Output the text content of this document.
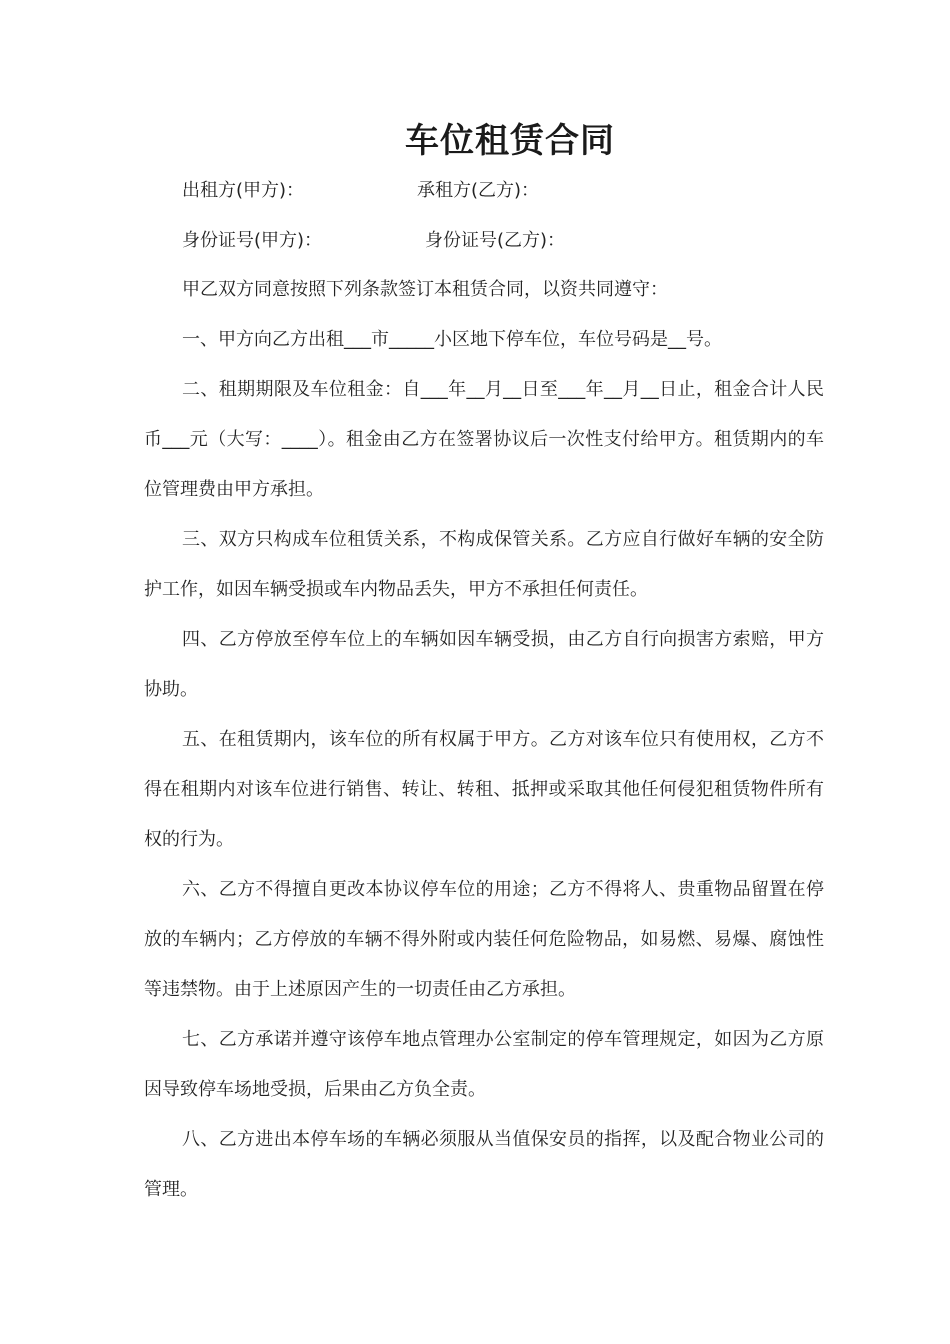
车位租赁合同
出租方(甲方)：	承租方(乙方)：
身份证号(甲方)：	身份证号(乙方)：

甲乙双方同意按照下列条款签订本租赁合同，以资共同遵守：

一、甲方向乙方出租___市_____小区地下停车位，车位号码是__号。

二、租期期限及车位租金：自___年__月__日至___年__月__日止，租金合计人民币___元（大写：____）。租金由乙方在签署协议后一次性支付给甲方。租赁期内的车位管理费由甲方承担。

三、双方只构成车位租赁关系，不构成保管关系。乙方应自行做好车辆的安全防护工作，如因车辆受损或车内物品丢失，甲方不承担任何责任。

四、乙方停放至停车位上的车辆如因车辆受损，由乙方自行向损害方索赔，甲方协助。

五、在租赁期内，该车位的所有权属于甲方。乙方对该车位只有使用权，乙方不得在租期内对该车位进行销售、转让、转租、抵押或采取其他任何侵犯租赁物件所有权的行为。

六、乙方不得擅自更改本协议停车位的用途；乙方不得将人、贵重物品留置在停放的车辆内；乙方停放的车辆不得外附或内装任何危险物品，如易燃、易爆、腐蚀性等违禁物。由于上述原因产生的一切责任由乙方承担。

七、乙方承诺并遵守该停车地点管理办公室制定的停车管理规定，如因为乙方原因导致停车场地受损，后果由乙方负全责。

八、乙方进出本停车场的车辆必须服从当值保安员的指挥，以及配合物业公司的管理。
